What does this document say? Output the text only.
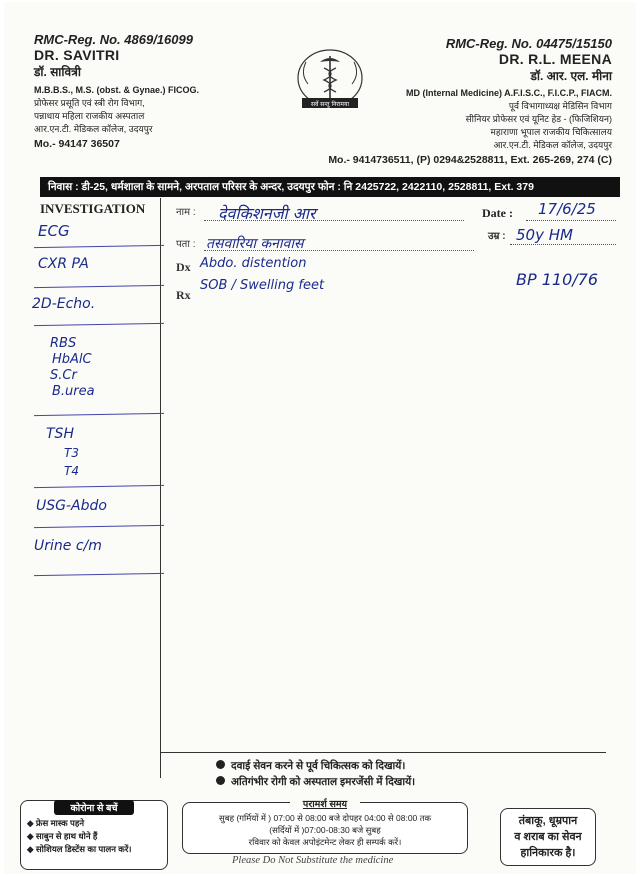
RMC-Reg. No. 4869/16099
DR. SAVITRI
डॉ. सावित्री
M.B.B.S., M.S. (obst. & Gynae.) FICOG.
प्रोफेसर प्रसूति एवं स्त्री रोग विभाग,
पन्नाधाय महिला राजकीय अस्पताल
आर.एन.टी. मेडिकल कॉलेज, उदयपुर
Mo.- 94147 36507
सर्वे सन्तु निरामया
RMC-Reg. No. 04475/15150
DR. R.L. MEENA
डॉ. आर. एल. मीना
MD (Internal Medicine) A.F.I.S.C., F.I.C.P., FIACM.
पूर्व विभागाध्यक्ष मेडिसिन विभाग
सीनियर प्रोफेसर एवं यूनिट हेड - (फिजिशियन)
महाराणा भूपाल राजकीय चिकित्सालय
आर.एन.टी. मेडिकल कॉलेज, उदयपुर
Mo.- 9414736511, (P) 0294&2528811, Ext. 265-269, 274 (C)
निवास : डी-25, धर्मशाला के सामने, अरपताल परिसर के अन्दर, उदयपुर फोन : नि 2425722, 2422110, 2528811, Ext. 379
INVESTIGATION
ECG
CXR PA
2D-Echo.
RBS
HbAlC
S.Cr
B.urea
TSH
T3
T4
USG-Abdo
Urine c/m
नाम : देवकिशनजी आर
पता : तसवारिया कनावास
Date : 17/6/25
उम्र : 50y HM
Dx Abdo. distention
Rx
SOB / Swelling feet	BP 110/76
दवाई सेवन करने से पूर्व चिकित्सक को दिखायें।
अतिगंभीर रोगी को अस्पताल इमरजेंसी में दिखायें।
कोरोना से बचें
◆ फ्रेस मास्क पहने
◆ साबुन से हाथ धोने हैं
◆ सोशियल डिस्टेंस का पालन करें।
परामर्श समय
सुबह (गर्मियों में ) 07:00 से 08:00 बजे दोपहर 04:00 से 08:00 तक
(सर्दियों में )07:00-08:30 बजे सुबह
रविवार को केवल अपोइंटमेन्ट लेकर ही सम्पर्क करें।
Please Do Not Substitute the medicine
तंबाकू, धूम्रपान
व शराब का सेवन
हानिकारक है।
